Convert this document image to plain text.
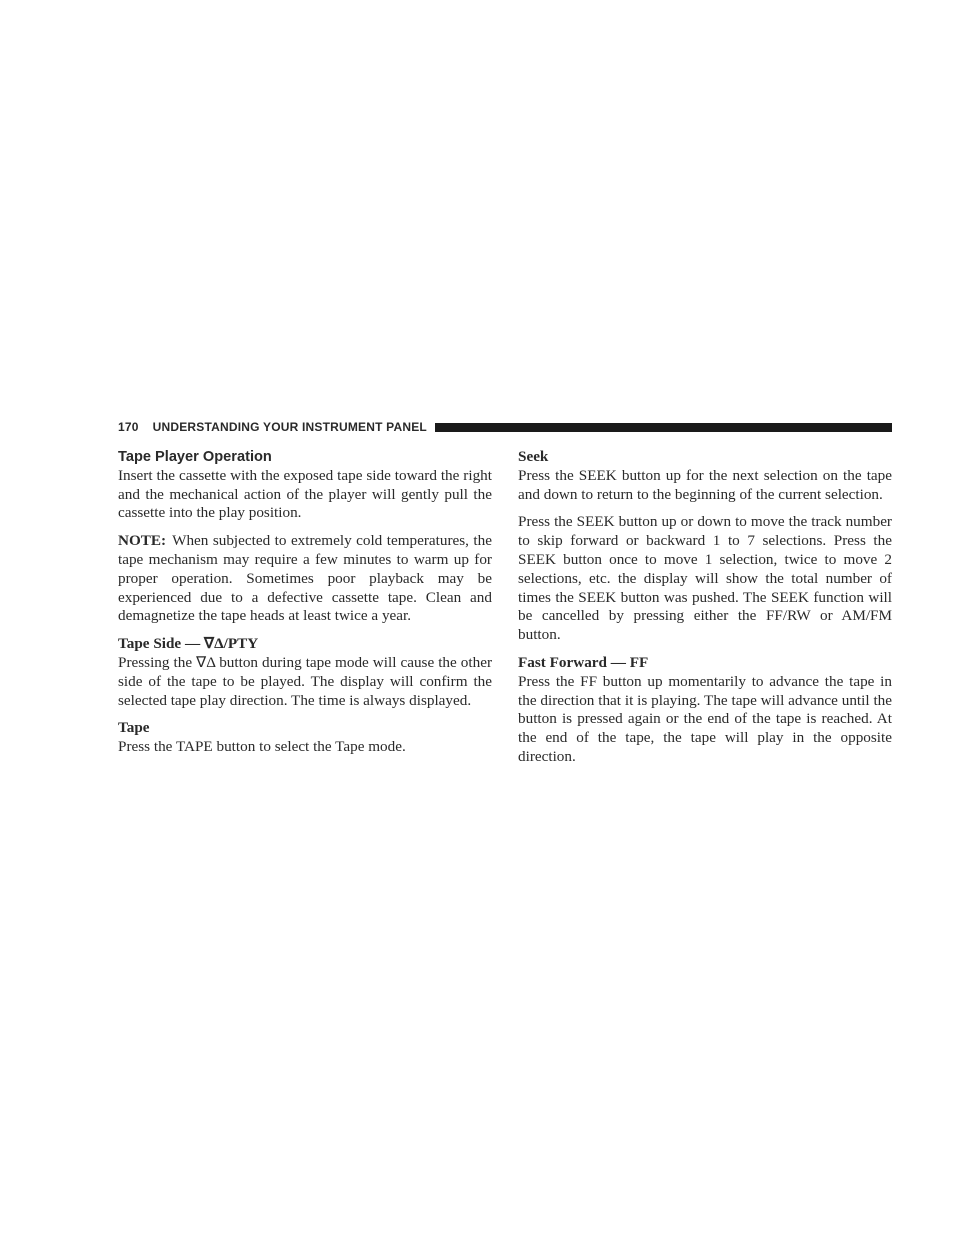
170 UNDERSTANDING YOUR INSTRUMENT PANEL
Tape Player Operation

Insert the cassette with the exposed tape side toward the right and the mechanical action of the player will gently pull the cassette into the play position.

NOTE: When subjected to extremely cold temperatures, the tape mechanism may require a few minutes to warm up for proper operation. Sometimes poor playback may be experienced due to a defective cassette tape. Clean and demagnetize the tape heads at least twice a year.

Tape Side — ∇Δ/PTY

Pressing the ∇Δ button during tape mode will cause the other side of the tape to be played. The display will confirm the selected tape play direction. The time is always displayed.

Tape

Press the TAPE button to select the Tape mode.

Seek

Press the SEEK button up for the next selection on the tape and down to return to the beginning of the current selection.

Press the SEEK button up or down to move the track number to skip forward or backward 1 to 7 selections. Press the SEEK button once to move 1 selection, twice to move 2 selections, etc. the display will show the total number of times the SEEK button was pushed. The SEEK function will be cancelled by pressing either the FF/RW or AM/FM button.

Fast Forward — FF

Press the FF button up momentarily to advance the tape in the direction that it is playing. The tape will advance until the button is pressed again or the end of the tape is reached. At the end of the tape, the tape will play in the opposite direction.
